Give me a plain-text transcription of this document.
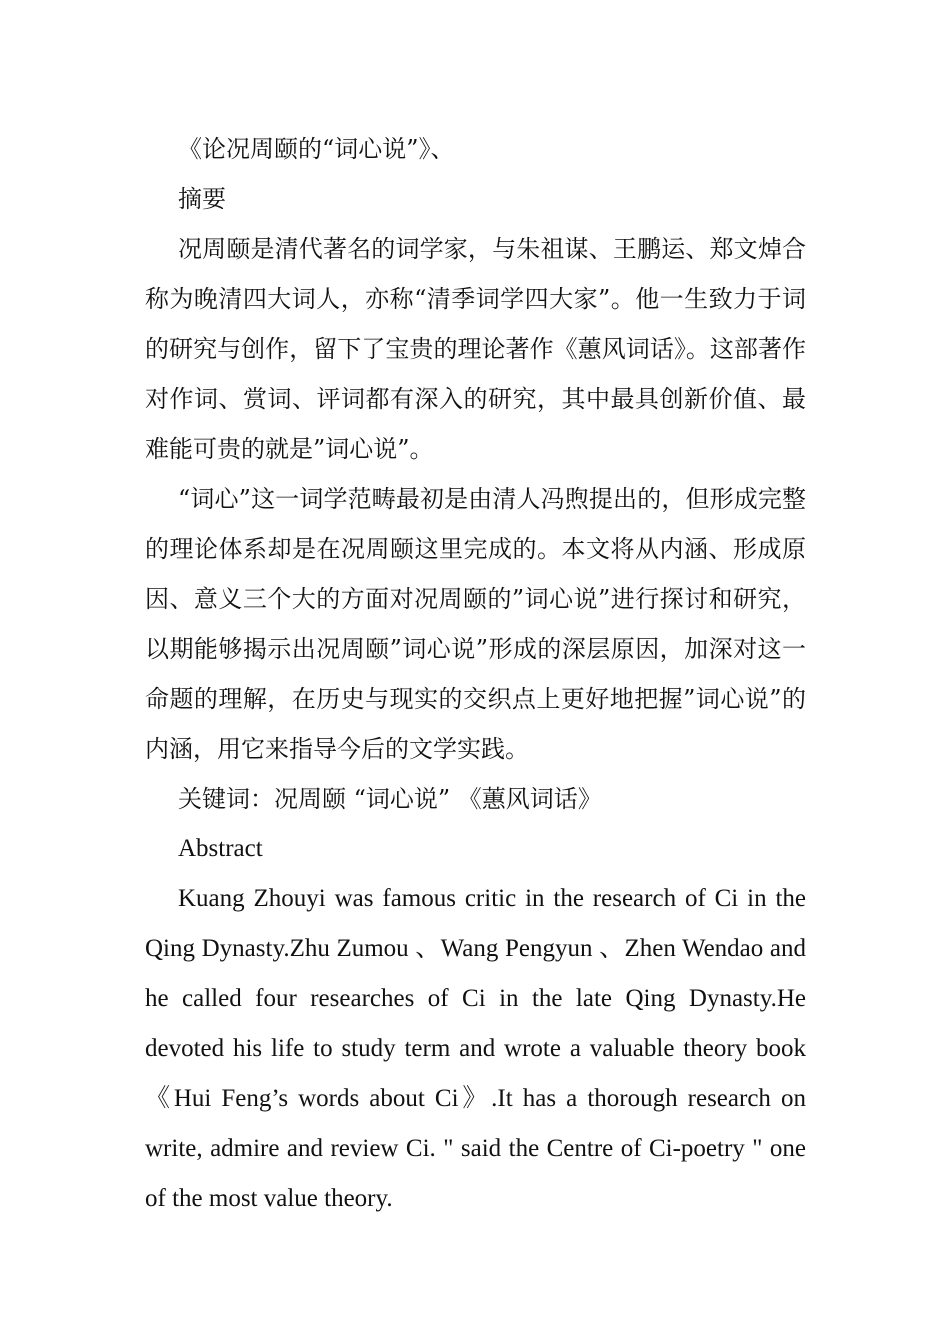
《论况周颐的“词心说”》、

摘要

况周颐是清代著名的词学家，与朱祖谋、王鹏运、郑文焯合称为晚清四大词人，亦称“清季词学四大家”。他一生致力于词的研究与创作，留下了宝贵的理论著作《蕙风词话》。这部著作对作词、赏词、评词都有深入的研究，其中最具创新价值、最难能可贵的就是”词心说”。

“词心”这一词学范畴最初是由清人冯煦提出的，但形成完整的理论体系却是在况周颐这里完成的。本文将从内涵、形成原因、意义三个大的方面对况周颐的”词心说”进行探讨和研究，以期能够揭示出况周颐”词心说”形成的深层原因，加深对这一命题的理解，在历史与现实的交织点上更好地把握”词心说”的内涵，用它来指导今后的文学实践。

关键词：况周颐 “词心说” 《蕙风词话》

Abstract

Kuang Zhouyi was famous critic in the research of Ci in the Qing Dynasty.Zhu Zumou 、Wang Pengyun 、Zhen Wendao and he called four researches of Ci in the late Qing Dynasty.He devoted his life to study term and wrote a valuable theory book 《Hui Feng’s words about Ci》.It has a thorough research on write, admire and review Ci. " said the Centre of Ci-poetry " one of the most value theory.
